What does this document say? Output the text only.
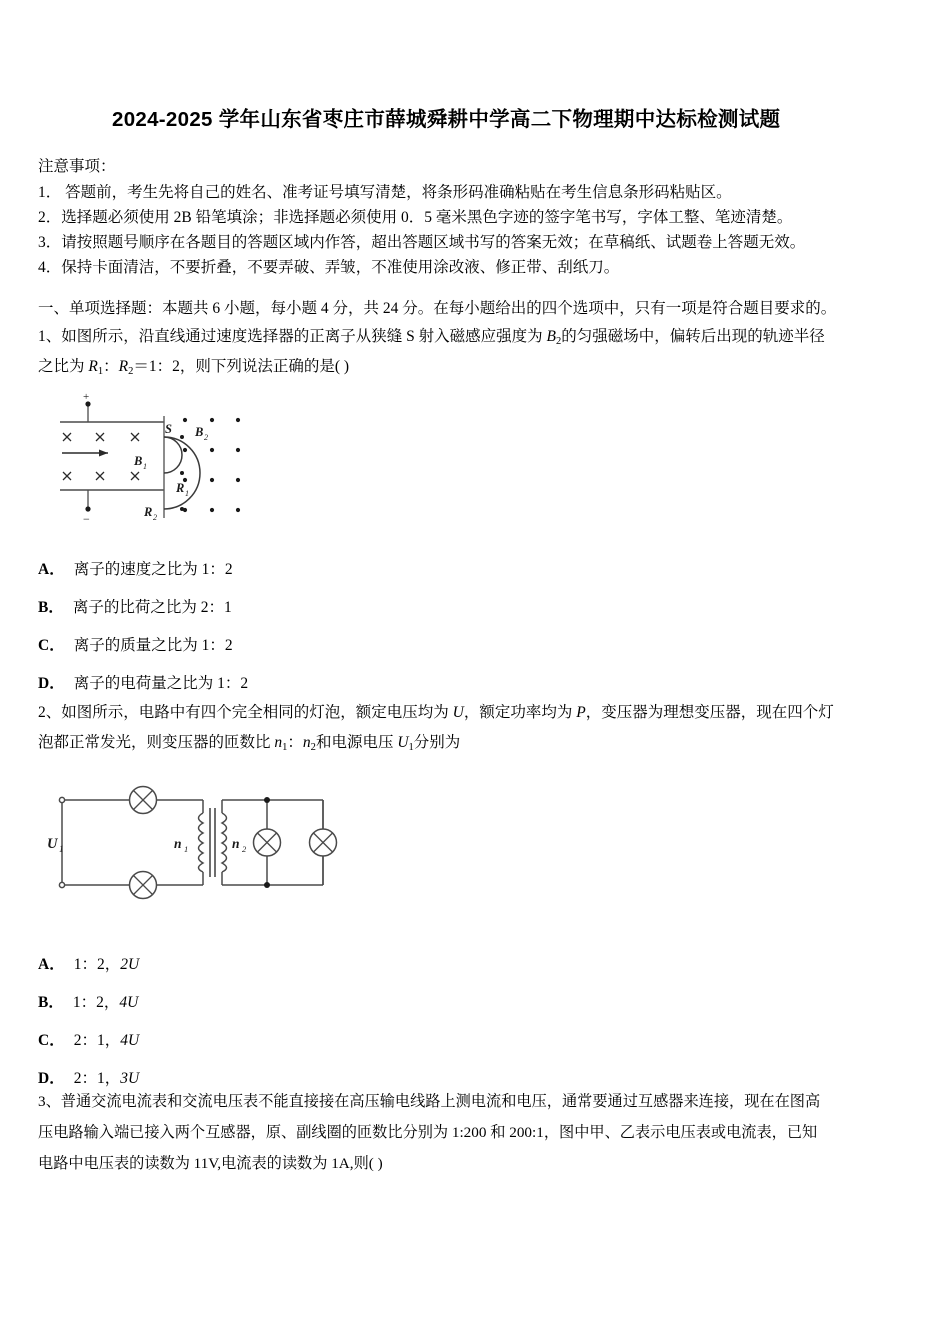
2024-2025 学年山东省枣庄市薛城舜耕中学高二下物理期中达标检测试题
注意事项：
1． 答题前，考生先将自己的姓名、准考证号填写清楚，将条形码准确粘贴在考生信息条形码粘贴区。
2．选择题必须使用 2B 铅笔填涂；非选择题必须使用 0．5 毫米黑色字迹的签字笔书写，字体工整、笔迹清楚。
3．请按照题号顺序在各题目的答题区域内作答，超出答题区域书写的答案无效；在草稿纸、试题卷上答题无效。
4．保持卡面清洁，不要折叠，不要弄破、弄皱，不准使用涂改液、修正带、刮纸刀。
一、单项选择题：本题共 6 小题，每小题 4 分，共 24 分。在每小题给出的四个选项中，只有一项是符合题目要求的。
1、如图所示，沿直线通过速度选择器的正离子从狭缝 S 射入磁感应强度为 $B_2$的匀强磁场中，偏转后出现的轨迹半径
之比为 $R_1$：$R_2=1$：2，则下列说法正确的是( )
+
−
B 1
S B 2
R 1
R 2
A． 离子的速度之比为 1：2
B． 离子的比荷之比为 2：1
C． 离子的质量之比为 1：2
D． 离子的电荷量之比为 1：2
2、如图所示，电路中有四个完全相同的灯泡，额定电压均为 U，额定功率均为 P，变压器为理想变压器，现在四个灯
泡都正常发光，则变压器的匝数比 $n_1$：$n_2$和电源电压 $U_1$分别为
U 1	n 1	n 2
A． 1：2，2U
B． 1：2，4U
C． 2：1，4U
D． 2：1，3U
3、普通交流电流表和交流电压表不能直接接在高压输电线路上测电流和电压，通常要通过互感器来连接，现在在图高
压电路输入端已接入两个互感器，原、副线圈的匝数比分别为 1:200 和 200:1，图中甲、乙表示电压表或电流表，已知
电路中电压表的读数为 11V,电流表的读数为 1A,则( )
